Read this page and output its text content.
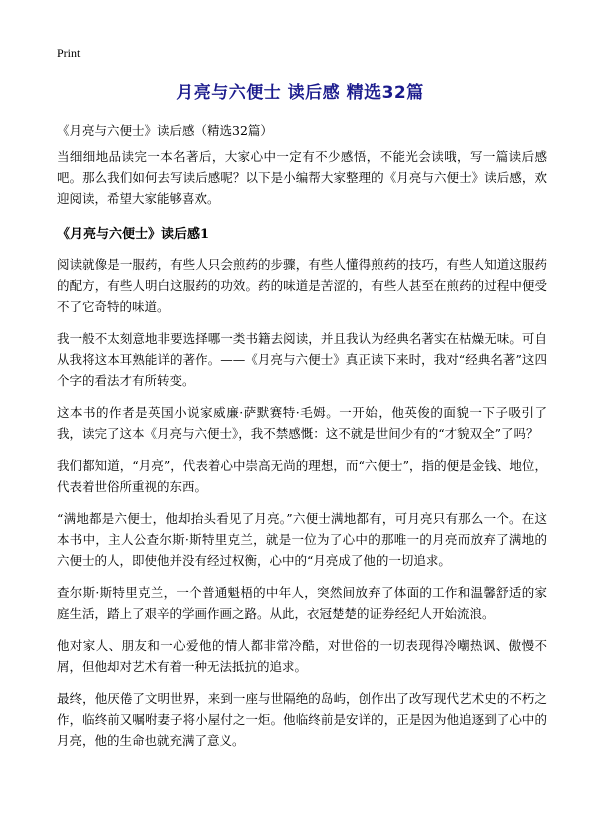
Print
月亮与六便士 读后感 精选32篇
《月亮与六便士》读后感（精选32篇）

当细细地品读完一本名著后，大家心中一定有不少感悟，不能光会读哦，写一篇读后感吧。那么我们如何去写读后感呢？以下是小编帮大家整理的《月亮与六便士》读后感，欢迎阅读，希望大家能够喜欢。

《月亮与六便士》读后感1

阅读就像是一服药，有些人只会煎药的步骤，有些人懂得煎药的技巧，有些人知道这服药的配方，有些人明白这服药的功效。药的味道是苦涩的，有些人甚至在煎药的过程中便受不了它奇特的味道。

我一般不太刻意地非要选择哪一类书籍去阅读，并且我认为经典名著实在枯燥无味。可自从我将这本耳熟能详的著作。——《月亮与六便士》真正读下来时，我对“经典名著”这四个字的看法才有所转变。

这本书的作者是英国小说家威廉·萨默赛特·毛姆。一开始，他英俊的面貌一下子吸引了我，读完了这本《月亮与六便士》，我不禁感慨：这不就是世间少有的“才貌双全”了吗？

我们都知道，“月亮”，代表着心中崇高无尚的理想，而“六便士”，指的便是金钱、地位，代表着世俗所重视的东西。

“满地都是六便士，他却抬头看见了月亮。”六便士满地都有，可月亮只有那么一个。在这本书中，主人公查尔斯·斯特里克兰，就是一位为了心中的那唯一的月亮而放弃了满地的六便士的人，即使他并没有经过权衡，心中的“月亮成了他的一切追求。

查尔斯·斯特里克兰，一个普通魁梧的中年人，突然间放弃了体面的工作和温馨舒适的家庭生活，踏上了艰辛的学画作画之路。从此，衣冠楚楚的证券经纪人开始流浪。

他对家人、朋友和一心爱他的情人都非常冷酷，对世俗的一切表现得冷嘲热讽、傲慢不屑，但他却对艺术有着一种无法抵抗的追求。

最终，他厌倦了文明世界，来到一座与世隔绝的岛屿，创作出了改写现代艺术史的不朽之作，临终前又嘱咐妻子将小屋付之一炬。他临终前是安详的，正是因为他追逐到了心中的月亮，他的生命也就充满了意义。
